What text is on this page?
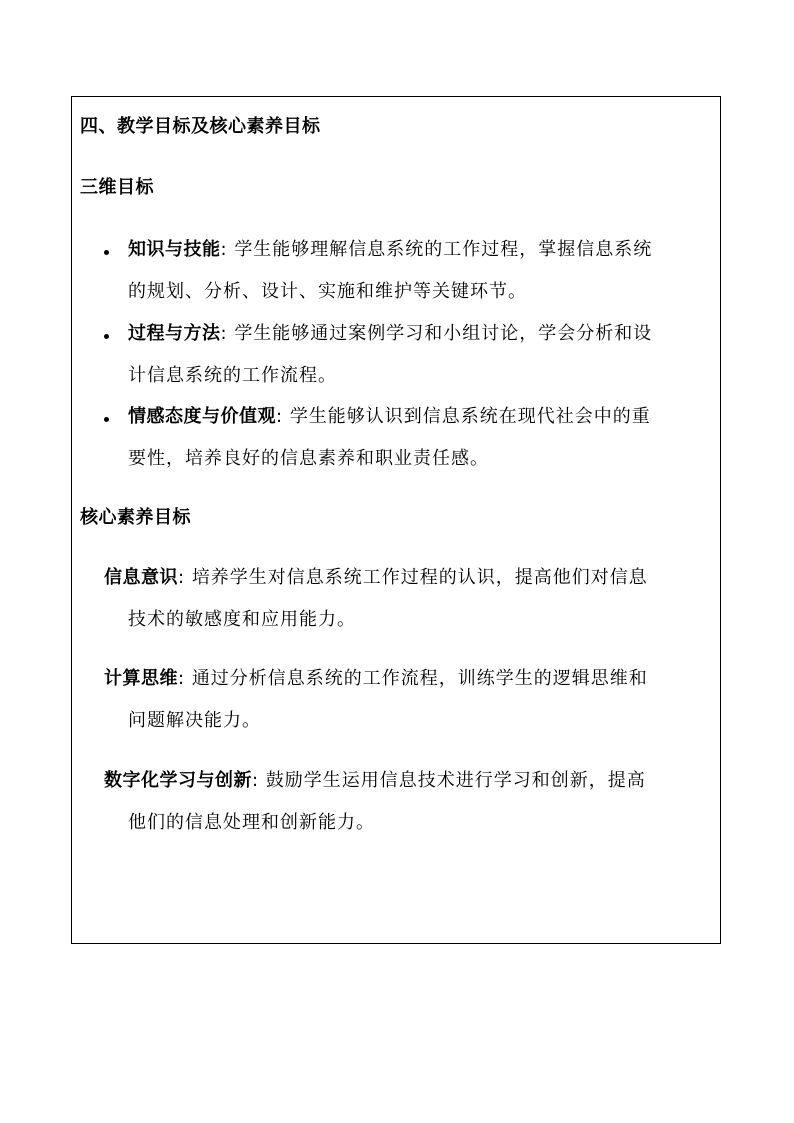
四、教学目标及核心素养目标
三维目标
知识与技能: 学生能够理解信息系统的工作过程，掌握信息系统
的规划、分析、设计、实施和维护等关键环节。
过程与方法: 学生能够通过案例学习和小组讨论，学会分析和设
计信息系统的工作流程。
情感态度与价值观: 学生能够认识到信息系统在现代社会中的重
要性，培养良好的信息素养和职业责任感。
核心素养目标
信息意识: 培养学生对信息系统工作过程的认识，提高他们对信息
技术的敏感度和应用能力。
计算思维: 通过分析信息系统的工作流程，训练学生的逻辑思维和
问题解决能力。
数字化学习与创新: 鼓励学生运用信息技术进行学习和创新，提高
他们的信息处理和创新能力。
